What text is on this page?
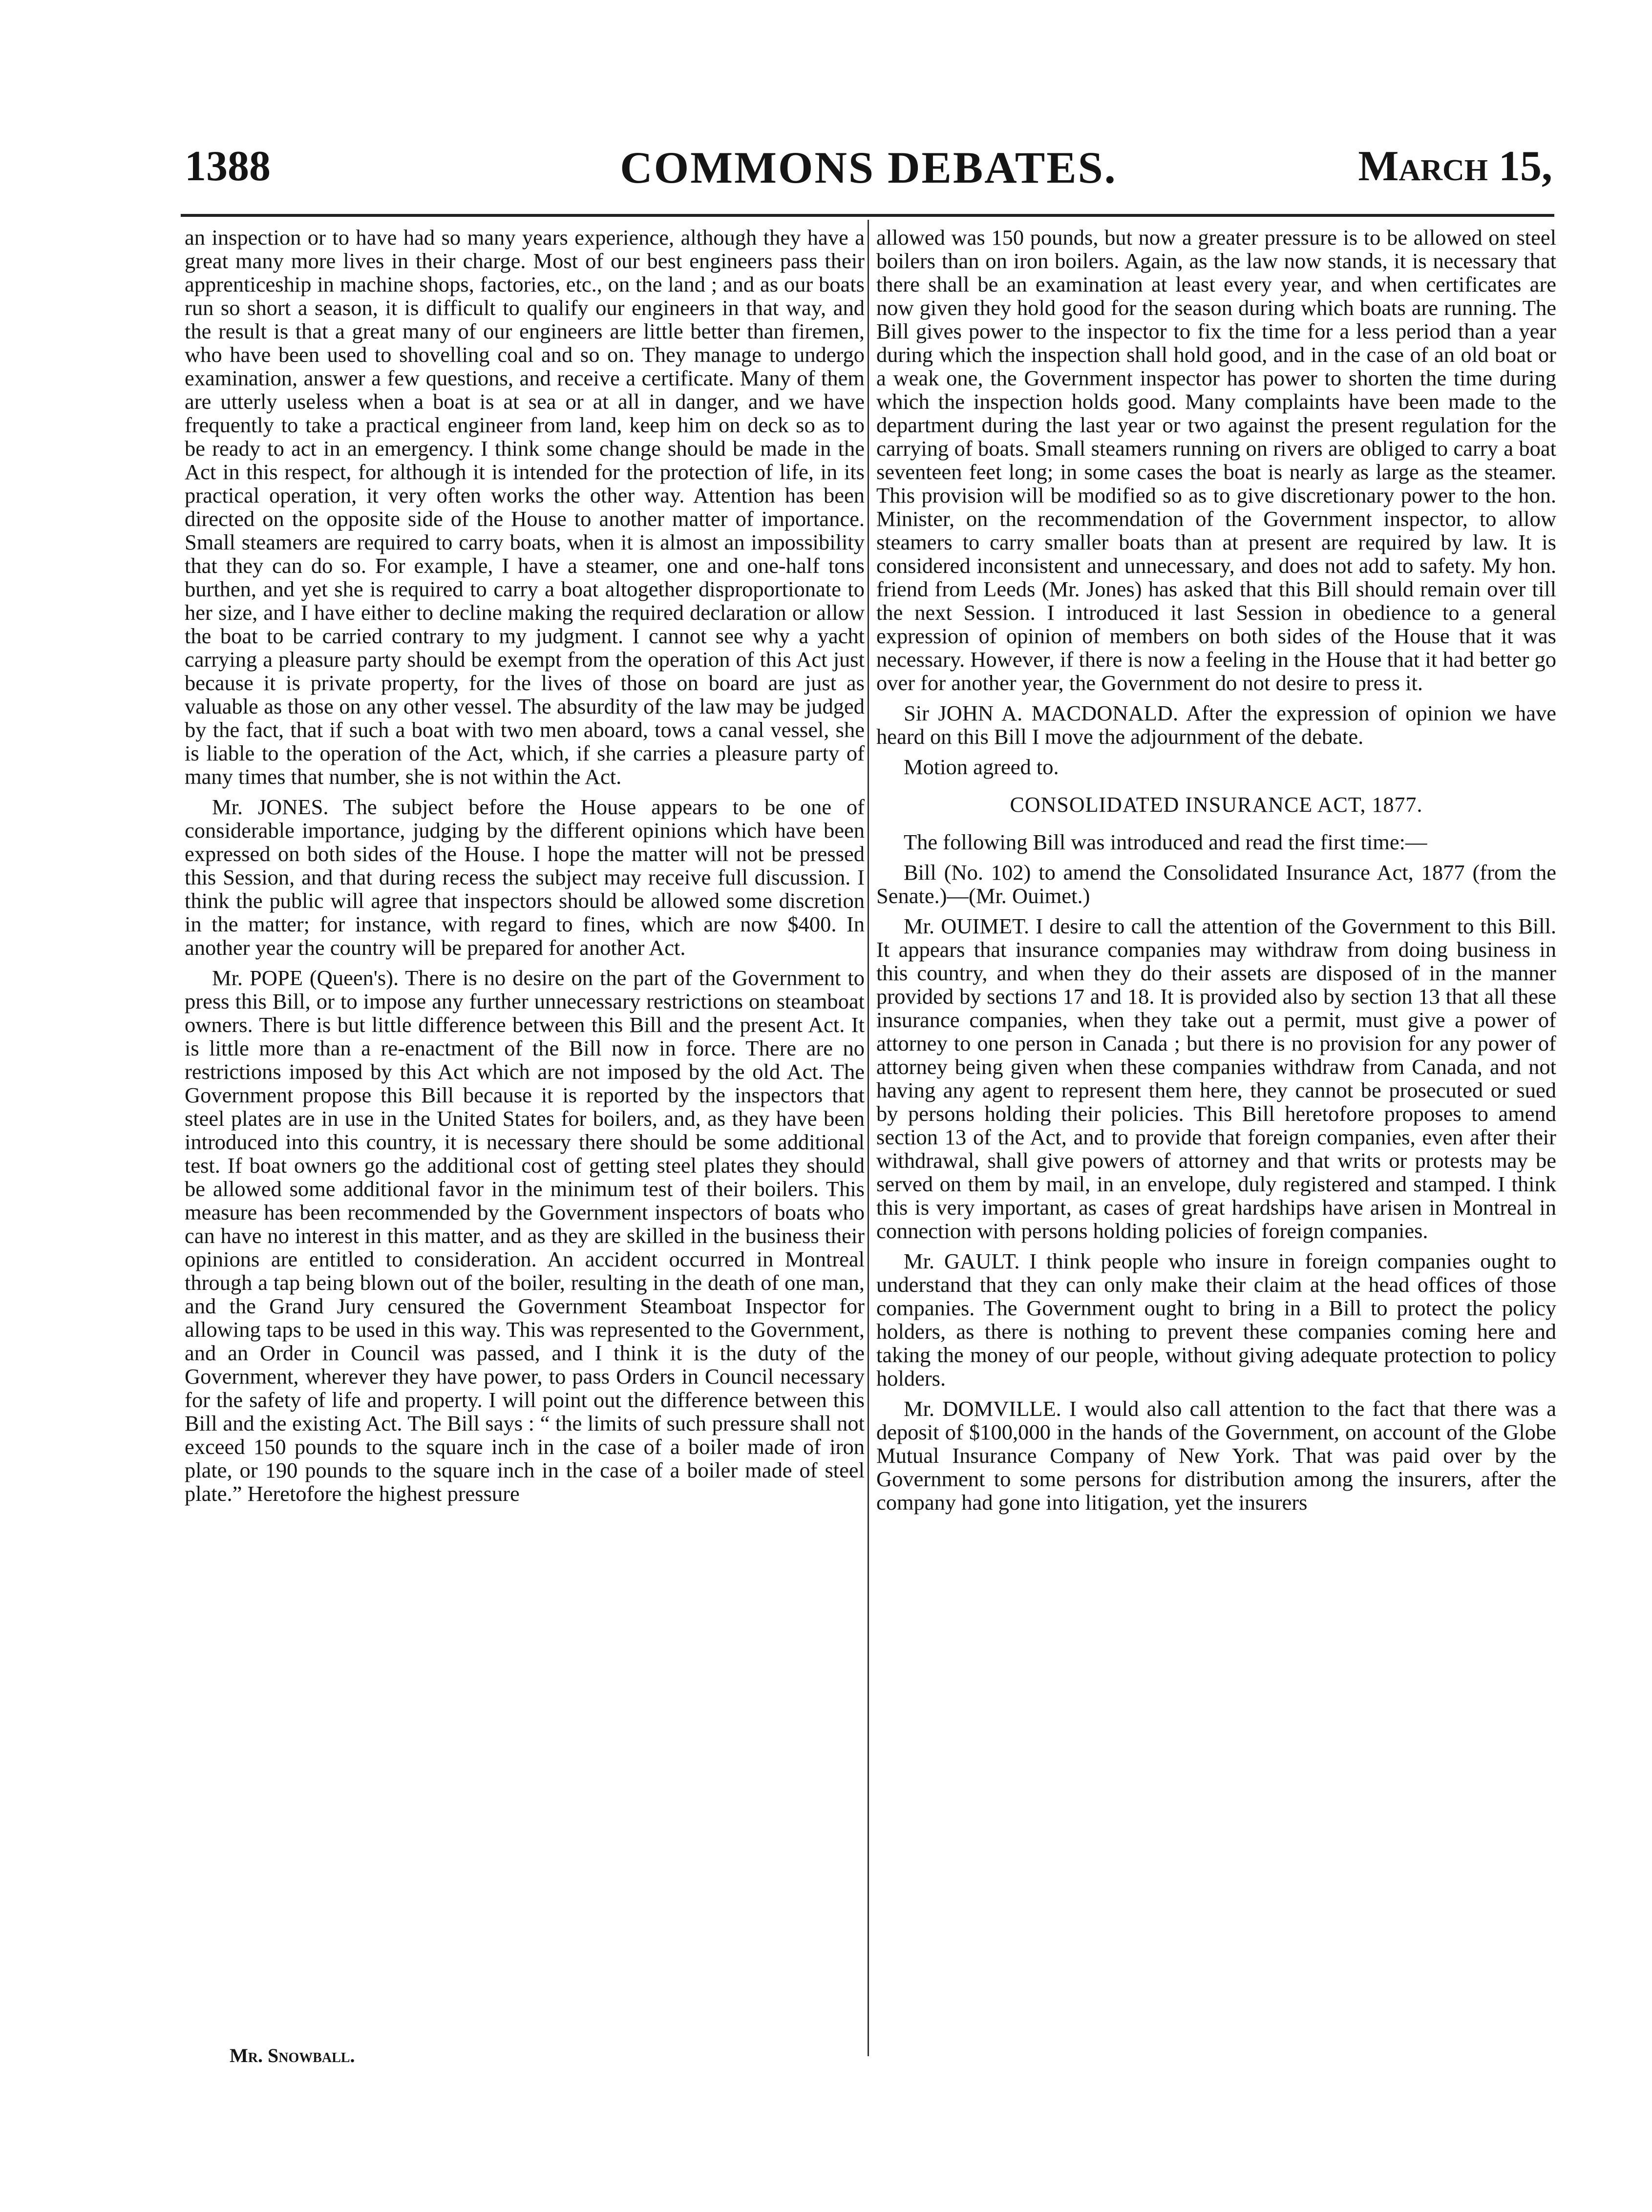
COMMONS DEBATES.
1388	March 15,

an inspection or to have had so many years experience, although they have a great many more lives in their charge. Most of our best engineers pass their apprenticeship in machine shops, factories, etc., on the land ; and as our boats run so short a season, it is difficult to qualify our engineers in that way, and the result is that a great many of our engineers are little better than firemen, who have been used to shovelling coal and so on. They manage to undergo examination, answer a few questions, and receive a certificate. Many of them are utterly useless when a boat is at sea or at all in danger, and we have frequently to take a practical engineer from land, keep him on deck so as to be ready to act in an emergency. I think some change should be made in the Act in this respect, for although it is intended for the protection of life, in its practical operation, it very often works the other way. Attention has been directed on the opposite side of the House to another matter of importance. Small steamers are required to carry boats, when it is almost an impossibility that they can do so. For example, I have a steamer, one and one-half tons burthen, and yet she is required to carry a boat altogether disproportionate to her size, and I have either to decline making the required declaration or allow the boat to be carried contrary to my judgment. I cannot see why a yacht carrying a pleasure party should be exempt from the operation of this Act just because it is private property, for the lives of those on board are just as valuable as those on any other vessel. The absurdity of the law may be judged by the fact, that if such a boat with two men aboard, tows a canal vessel, she is liable to the operation of the Act, which, if she carries a pleasure party of many times that number, she is not within the Act.

Mr. JONES. The subject before the House appears to be one of considerable importance, judging by the different opinions which have been expressed on both sides of the House. I hope the matter will not be pressed this Session, and that during recess the subject may receive full discussion. I think the public will agree that inspectors should be allowed some discretion in the matter; for instance, with regard to fines, which are now $400. In another year the country will be prepared for another Act.

Mr. POPE (Queen's). There is no desire on the part of the Government to press this Bill, or to impose any further unnecessary restrictions on steamboat owners. There is but little difference between this Bill and the present Act. It is little more than a re-enactment of the Bill now in force. There are no restrictions imposed by this Act which are not imposed by the old Act. The Government propose this Bill because it is reported by the inspectors that steel plates are in use in the United States for boilers, and, as they have been introduced into this country, it is necessary there should be some additional test. If boat owners go the additional cost of getting steel plates they should be allowed some additional favor in the minimum test of their boilers. This measure has been recommended by the Government inspectors of boats who can have no interest in this matter, and as they are skilled in the business their opinions are entitled to consideration. An accident occurred in Montreal through a tap being blown out of the boiler, resulting in the death of one man, and the Grand Jury censured the Government Steamboat Inspector for allowing taps to be used in this way. This was represented to the Government, and an Order in Council was passed, and I think it is the duty of the Government, wherever they have power, to pass Orders in Council necessary for the safety of life and property. I will point out the difference between this Bill and the existing Act. The Bill says : “ the limits of such pressure shall not exceed 150 pounds to the square inch in the case of a boiler made of iron plate, or 190 pounds to the square inch in the case of a boiler made of steel plate.” Heretofore the highest pressure

allowed was 150 pounds, but now a greater pressure is to be allowed on steel boilers than on iron boilers. Again, as the law now stands, it is necessary that there shall be an examination at least every year, and when certificates are now given they hold good for the season during which boats are running. The Bill gives power to the inspector to fix the time for a less period than a year during which the inspection shall hold good, and in the case of an old boat or a weak one, the Government inspector has power to shorten the time during which the inspection holds good. Many complaints have been made to the department during the last year or two against the present regulation for the carrying of boats. Small steamers running on rivers are obliged to carry a boat seventeen feet long; in some cases the boat is nearly as large as the steamer. This provision will be modified so as to give discretionary power to the hon. Minister, on the recommendation of the Government inspector, to allow steamers to carry smaller boats than at present are required by law. It is considered inconsistent and unnecessary, and does not add to safety. My hon. friend from Leeds (Mr. Jones) has asked that this Bill should remain over till the next Session. I introduced it last Session in obedience to a general expression of opinion of members on both sides of the House that it was necessary. However, if there is now a feeling in the House that it had better go over for another year, the Government do not desire to press it.

Sir JOHN A. MACDONALD. After the expression of opinion we have heard on this Bill I move the adjournment of the debate.

Motion agreed to.

CONSOLIDATED INSURANCE ACT, 1877.

The following Bill was introduced and read the first time:—

Bill (No. 102) to amend the Consolidated Insurance Act, 1877 (from the Senate.)—(Mr. Ouimet.)

Mr. OUIMET. I desire to call the attention of the Government to this Bill. It appears that insurance companies may withdraw from doing business in this country, and when they do their assets are disposed of in the manner provided by sections 17 and 18. It is provided also by section 13 that all these insurance companies, when they take out a permit, must give a power of attorney to one person in Canada ; but there is no provision for any power of attorney being given when these companies withdraw from Canada, and not having any agent to represent them here, they cannot be prosecuted or sued by persons holding their policies. This Bill heretofore proposes to amend section 13 of the Act, and to provide that foreign companies, even after their withdrawal, shall give powers of attorney and that writs or protests may be served on them by mail, in an envelope, duly registered and stamped. I think this is very important, as cases of great hardships have arisen in Montreal in connection with persons holding policies of foreign companies.

Mr. GAULT. I think people who insure in foreign companies ought to understand that they can only make their claim at the head offices of those companies. The Government ought to bring in a Bill to protect the policy holders, as there is nothing to prevent these companies coming here and taking the money of our people, without giving adequate protection to policy holders.

Mr. DOMVILLE. I would also call attention to the fact that there was a deposit of $100,000 in the hands of the Government, on account of the Globe Mutual Insurance Company of New York. That was paid over by the Government to some persons for distribution among the insurers, after the company had gone into litigation, yet the insurers

Mr. Snowball.
